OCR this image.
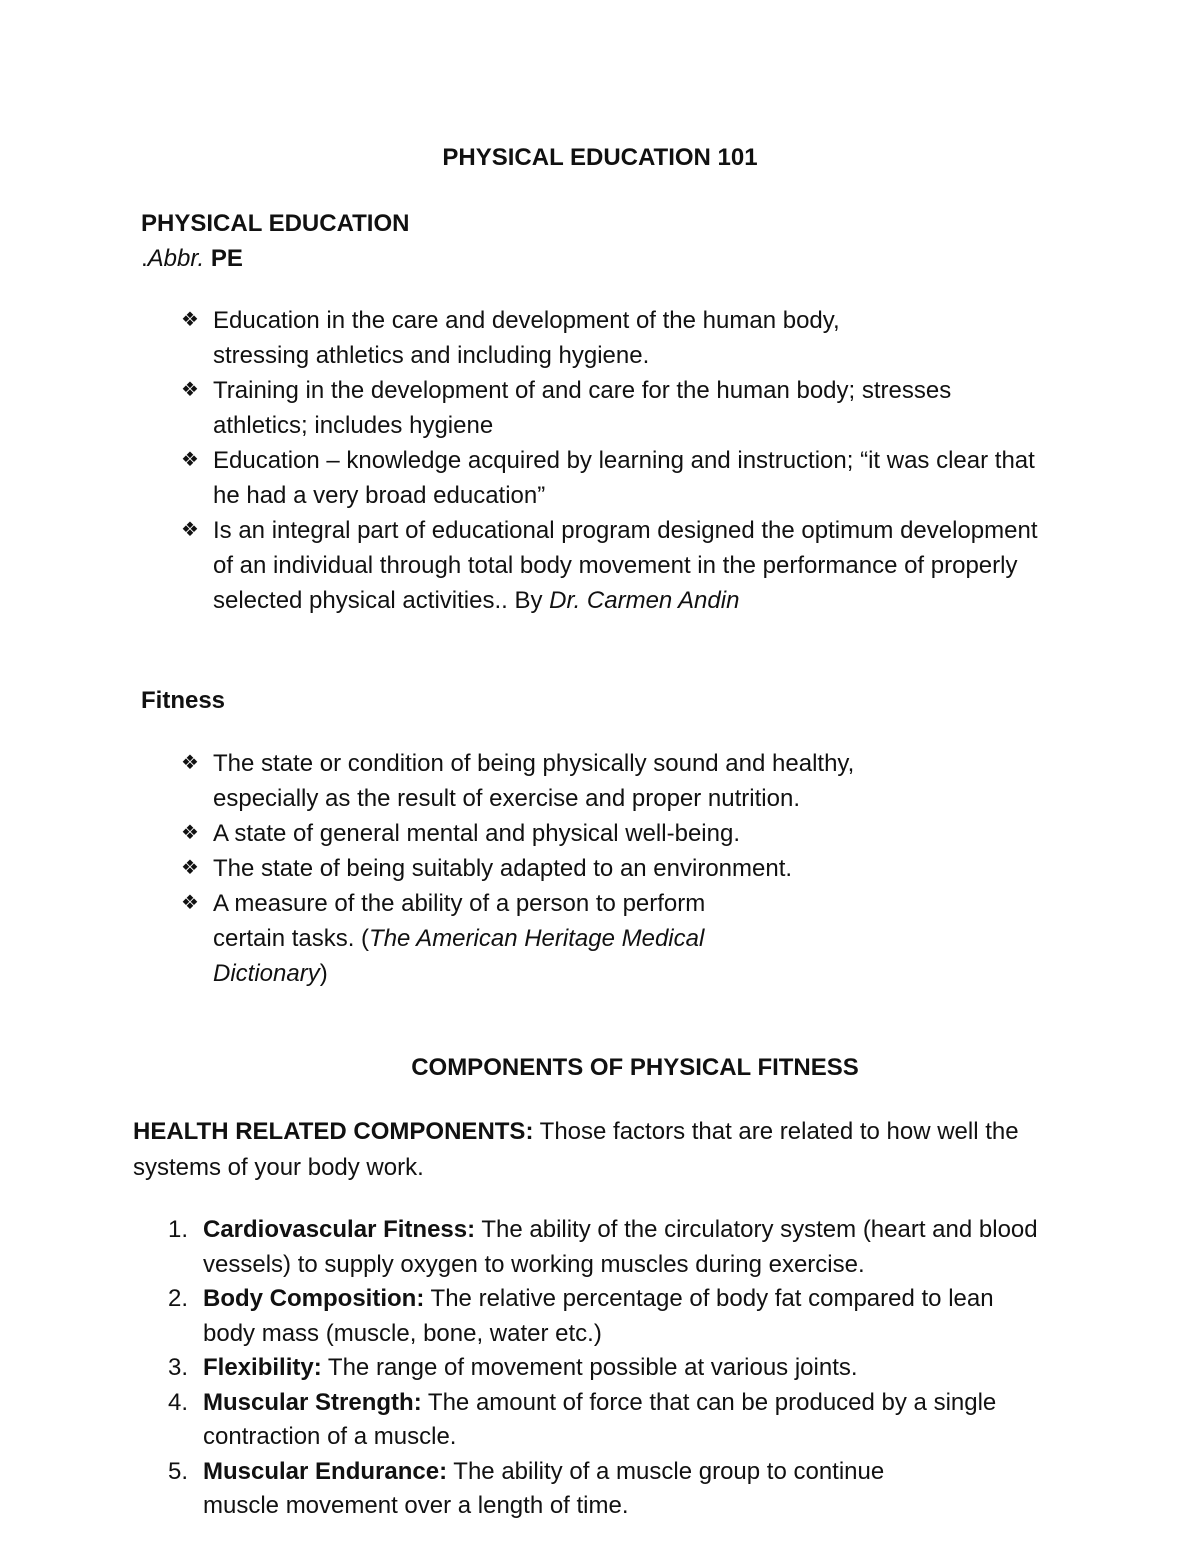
PHYSICAL EDUCATION 101
PHYSICAL EDUCATION
.Abbr. PE
❖ Education in the care and development of the human body, stressing athletics and including hygiene.
❖ Training in the development of and care for the human body; stresses athletics; includes hygiene
❖ Education – knowledge acquired by learning and instruction; “it was clear that he had a very broad education”
❖ Is an integral part of educational program designed the optimum development of an individual through total body movement in the performance of properly selected physical activities.. By Dr. Carmen Andin
Fitness
❖ The state or condition of being physically sound and healthy, especially as the result of exercise and proper nutrition.
❖ A state of general mental and physical well-being.
❖ The state of being suitably adapted to an environment.
❖ A measure of the ability of a person to perform certain tasks. (The American Heritage Medical Dictionary)
COMPONENTS OF PHYSICAL FITNESS

HEALTH RELATED COMPONENTS: Those factors that are related to how well the systems of your body work.

1. Cardiovascular Fitness: The ability of the circulatory system (heart and blood vessels) to supply oxygen to working muscles during exercise.
2. Body Composition: The relative percentage of body fat compared to lean body mass (muscle, bone, water etc.)
3. Flexibility: The range of movement possible at various joints.
4. Muscular Strength: The amount of force that can be produced by a single contraction of a muscle.
5. Muscular Endurance: The ability of a muscle group to continue muscle movement over a length of time.
